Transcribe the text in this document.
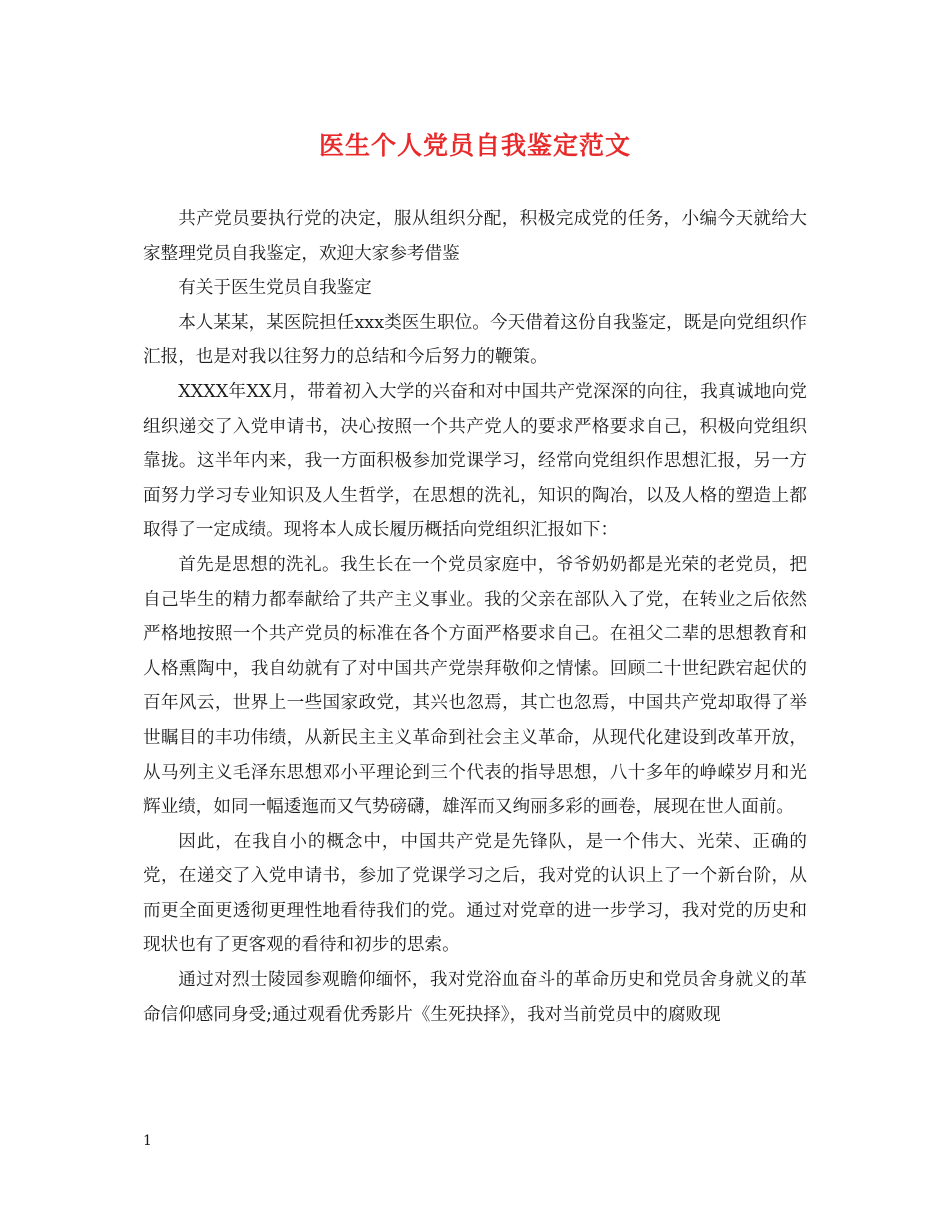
医生个人党员自我鉴定范文

共产党员要执行党的决定，服从组织分配，积极完成党的任务，小编今天就给大家整理党员自我鉴定，欢迎大家参考借鉴

有关于医生党员自我鉴定

本人某某，某医院担任xxx类医生职位。今天借着这份自我鉴定，既是向党组织作汇报，也是对我以往努力的总结和今后努力的鞭策。

XXXX年XX月，带着初入大学的兴奋和对中国共产党深深的向往，我真诚地向党组织递交了入党申请书，决心按照一个共产党人的要求严格要求自己，积极向党组织靠拢。这半年内来，我一方面积极参加党课学习，经常向党组织作思想汇报，另一方面努力学习专业知识及人生哲学，在思想的洗礼，知识的陶冶，以及人格的塑造上都取得了一定成绩。现将本人成长履历概括向党组织汇报如下：

首先是思想的洗礼。我生长在一个党员家庭中，爷爷奶奶都是光荣的老党员，把自己毕生的精力都奉献给了共产主义事业。我的父亲在部队入了党，在转业之后依然严格地按照一个共产党员的标准在各个方面严格要求自己。在祖父二辈的思想教育和人格熏陶中，我自幼就有了对中国共产党崇拜敬仰之情愫。回顾二十世纪跌宕起伏的百年风云，世界上一些国家政党，其兴也忽焉，其亡也忽焉，中国共产党却取得了举世瞩目的丰功伟绩，从新民主主义革命到社会主义革命，从现代化建设到改革开放，从马列主义毛泽东思想邓小平理论到三个代表的指导思想，八十多年的峥嵘岁月和光辉业绩，如同一幅逶迤而又气势磅礴，雄浑而又绚丽多彩的画卷，展现在世人面前。

因此，在我自小的概念中，中国共产党是先锋队，是一个伟大、光荣、正确的党，在递交了入党申请书，参加了党课学习之后，我对党的认识上了一个新台阶，从而更全面更透彻更理性地看待我们的党。通过对党章的进一步学习，我对党的历史和现状也有了更客观的看待和初步的思索。

通过对烈士陵园参观瞻仰缅怀，我对党浴血奋斗的革命历史和党员舍身就义的革命信仰感同身受;通过观看优秀影片《生死抉择》，我对当前党员中的腐败现

1
